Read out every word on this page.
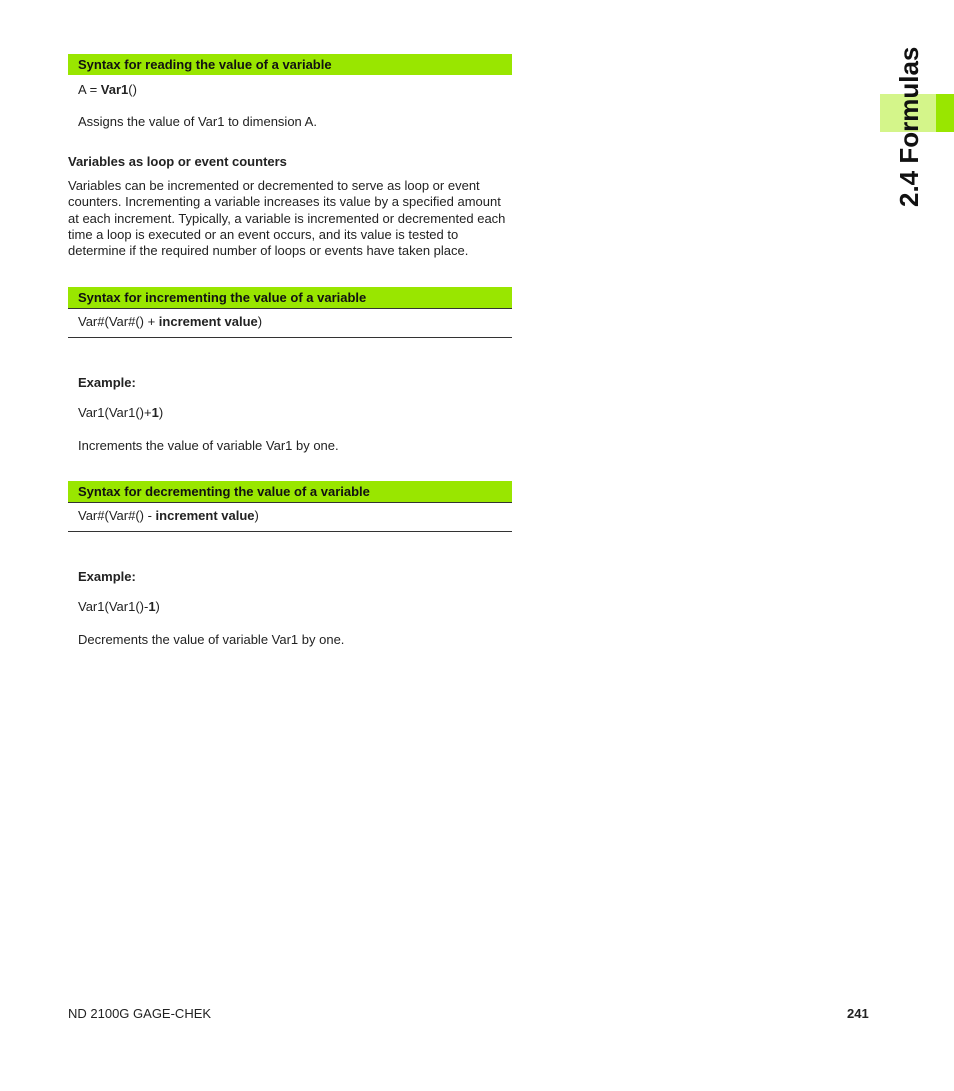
2.4 Formulas
Syntax for reading the value of a variable
A = Var1()
Assigns the value of Var1 to dimension A.
Variables as loop or event counters
Variables can be incremented or decremented to serve as loop or event counters. Incrementing a variable increases its value by a specified amount at each increment. Typically, a variable is incremented or decremented each time a loop is executed or an event occurs, and its value is tested to determine if the required number of loops or events have taken place.
Syntax for incrementing the value of a variable
Var#(Var#() + increment value)
Example:
Var1(Var1()+1)
Increments the value of variable Var1 by one.
Syntax for decrementing the value of a variable
Var#(Var#() - increment value)
Example:
Var1(Var1()-1)
Decrements the value of variable Var1 by one.
ND 2100G GAGE-CHEK	241
